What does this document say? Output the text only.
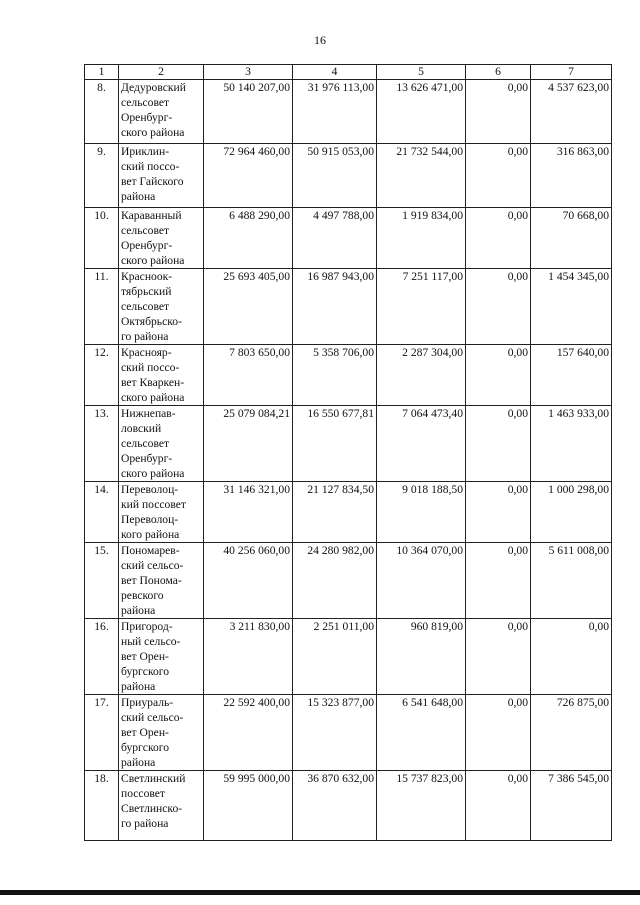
16
1	2	3	4	5	6	7
8.	Дедуровский
сельсовет
Оренбург-
ского района	50 140 207,00	31 976 113,00	13 626 471,00	0,00	4 537 623,00
9.	Ириклин-
ский поссо-
вет Гайского
района	72 964 460,00	50 915 053,00	21 732 544,00	0,00	316 863,00
10.	Караванный
сельсовет
Оренбург-
ского района	6 488 290,00	4 497 788,00	1 919 834,00	0,00	70 668,00
11.	Красноок-
тябрьский
сельсовет
Октябрьско-
го района	25 693 405,00	16 987 943,00	7 251 117,00	0,00	1 454 345,00
12.	Краснояр-
ский поссо-
вет Кваркен-
ского района	7 803 650,00	5 358 706,00	2 287 304,00	0,00	157 640,00
13.	Нижнепав-
ловский
сельсовет
Оренбург-
ского района	25 079 084,21	16 550 677,81	7 064 473,40	0,00	1 463 933,00
14.	Переволоц-
кий поссовет
Переволоц-
кого района	31 146 321,00	21 127 834,50	9 018 188,50	0,00	1 000 298,00
15.	Пономарев-
ский сельсо-
вет Понома-
ревского
района	40 256 060,00	24 280 982,00	10 364 070,00	0,00	5 611 008,00
16.	Пригород-
ный сельсо-
вет Орен-
бургского
района	3 211 830,00	2 251 011,00	960 819,00	0,00	0,00
17.	Приураль-
ский сельсо-
вет Орен-
бургского
района	22 592 400,00	15 323 877,00	6 541 648,00	0,00	726 875,00
18.	Светлинский
поссовет
Светлинско-
го района	59 995 000,00	36 870 632,00	15 737 823,00	0,00	7 386 545,00
